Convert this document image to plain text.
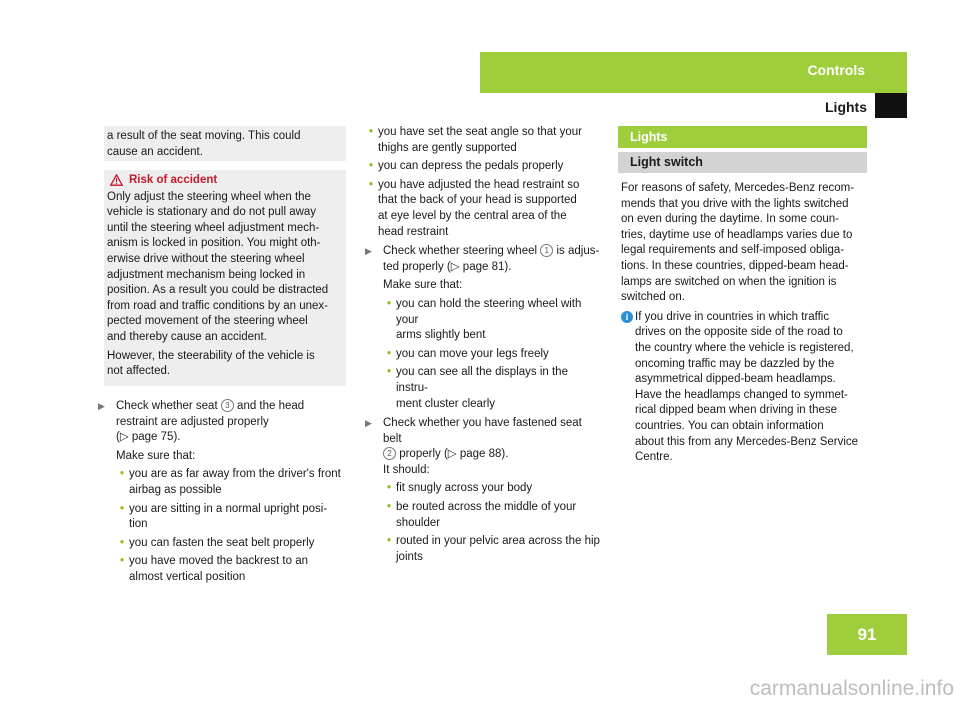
Controls
Lights

a result of the seat moving. This could

cause an accident.

Risk of accident

Only adjust the steering wheel when the

vehicle is stationary and do not pull away

until the steering wheel adjustment mech-

anism is locked in position. You might oth-

erwise drive without the steering wheel

adjustment mechanism being locked in

position. As a result you could be distracted

from road and traffic conditions by an unex-

pected movement of the steering wheel

and thereby cause an accident.

However, the steerability of the vehicle is

not affected.

▶ Check whether seat 3 and the head

restraint are adjusted properly

(▷ page 75).

Make sure that:

• you are as far away from the driver's front

airbag as possible

• you are sitting in a normal upright posi-

tion

• you can fasten the seat belt properly

• you have moved the backrest to an

almost vertical position

• you have set the seat angle so that your

thighs are gently supported

• you can depress the pedals properly

• you have adjusted the head restraint so

that the back of your head is supported

at eye level by the central area of the

head restraint

▶ Check whether steering wheel 1 is adjus-

ted properly (▷ page 81).

Make sure that:

• you can hold the steering wheel with your

arms slightly bent

• you can move your legs freely

• you can see all the displays in the instru-

ment cluster clearly

▶ Check whether you have fastened seat belt

2 properly (▷ page 88).

It should:

• fit snugly across your body

• be routed across the middle of your

shoulder

• routed in your pelvic area across the hip

joints

Lights
Light switch

For reasons of safety, Mercedes-Benz recom-

mends that you drive with the lights switched

on even during the daytime. In some coun-

tries, daytime use of headlamps varies due to

legal requirements and self-imposed obliga-

tions. In these countries, dipped-beam head-

lamps are switched on when the ignition is

switched on.

i If you drive in countries in which traffic

drives on the opposite side of the road to

the country where the vehicle is registered,

oncoming traffic may be dazzled by the

asymmetrical dipped-beam headlamps.

Have the headlamps changed to symmet-

rical dipped beam when driving in these

countries. You can obtain information

about this from any Mercedes-Benz Service

Centre.

91
carmanualsonline.info
